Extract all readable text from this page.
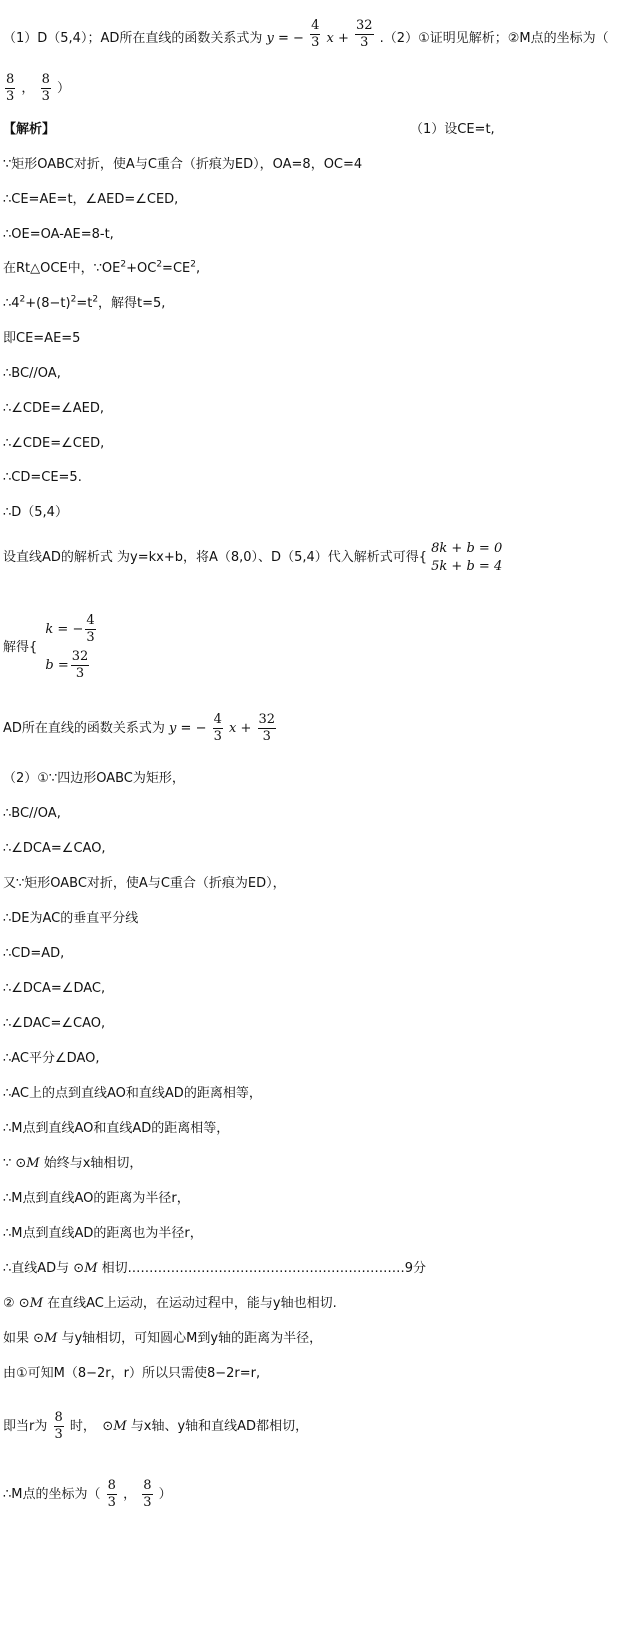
（1）D（5,4）；AD所在直线的函数关系式为 y = − $\frac{4}{3}$ $x + \frac{32}{3}$ .（2）①证明见解析；②M点的坐标为（
$\frac{8}{3}$ ， $\frac{8}{3}$ ）
【解析】	（1）设CE=t,
∵矩形OABC对折，使A与C重合（折痕为ED），OA=8，OC=4
∴CE=AE=t，∠AED=∠CED,
∴OE=OA-AE=8-t,
在Rt△OCE中，$\because OE^2+OC^2=CE^2$,
$\therefore 4^2+(8-t)^2=t^2$，解得t=5,
即CE=AE=5
∴BC//OA,
∴∠CDE=∠AED,
∴∠CDE=∠CED,
∴CD=CE=5.
∴D（5,4）
设直线AD的解析式 为y=kx+b，将A（8,0）、D（5,4）代入解析式可得{
8k + b = 0
5k + b = 4
解得{
k = − $\frac{4}{3}$
$b = \frac{32}{3}$
AD所在直线的函数关系式为 y = − $\frac{4}{3}$ $x + \frac{32}{3}$
（2）①∵四边形OABC为矩形，
∴BC//OA,
∴∠DCA=∠CAO,
又∵矩形OABC对折，使A与C重合（折痕为ED），
∴DE为AC的垂直平分线
∴CD=AD,
∴∠DCA=∠DAC,
∴∠DAC=∠CAO,
∴AC平分∠DAO,
∴AC上的点到直线AO和直线AD的距离相等，
∴M点到直线AO和直线AD的距离相等，
∵ ⊙M 始终与x轴相切，
∴M点到直线AO的距离为半径r，
∴M点到直线AD的距离也为半径r，
∴直线AD与 ⊙M 相切.………………………………………………………9分
② ⊙M 在直线AC上运动，在运动过程中，能与y轴也相切.
如果 ⊙M 与y轴相切，可知圆心M到y轴的距离为半径，
由①可知M（8−2r，r）所以只需使8−2r=r,
即当r为 $\frac{8}{3}$ 时，　⊙M 与x轴、y轴和直线AD都相切，
∴M点的坐标为（ $\frac{8}{3}$ ， $\frac{8}{3}$ ）
